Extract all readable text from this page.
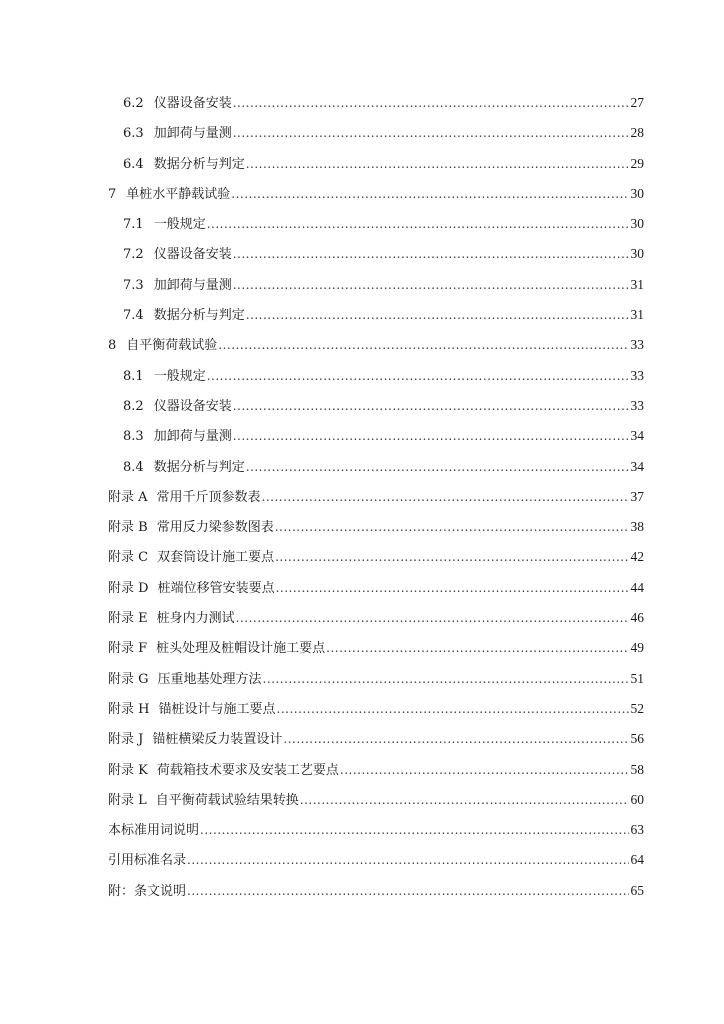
6.2 仪器设备安装 .....	27
6.3 加卸荷与量测 .....	28
6.4 数据分析与判定 .....	29
7 单桩水平静载试验 .....	30
7.1 一般规定 .....	30
7.2 仪器设备安装 .....	30
7.3 加卸荷与量测 .....	31
7.4 数据分析与判定 .....	31
8 自平衡荷载试验 .....	33
8.1 一般规定 .....	33
8.2 仪器设备安装 .....	33
8.3 加卸荷与量测 .....	34
8.4 数据分析与判定 .....	34
附录 A 常用千斤顶参数表 .....	37
附录 B 常用反力梁参数图表 .....	38
附录 C 双套筒设计施工要点 .....	42
附录 D 桩端位移管安装要点 .....	44
附录 E 桩身内力测试 .....	46
附录 F 桩头处理及桩帽设计施工要点 .....	49
附录 G 压重地基处理方法 .....	51
附录 H 锚桩设计与施工要点 .....	52
附录 J 锚桩横梁反力装置设计 .....	56
附录 K 荷载箱技术要求及安装工艺要点 .....	58
附录 L 自平衡荷载试验结果转换 .....	60
本标准用词说明 .....	63
引用标准名录 .....	64
附：条文说明 .....	65
